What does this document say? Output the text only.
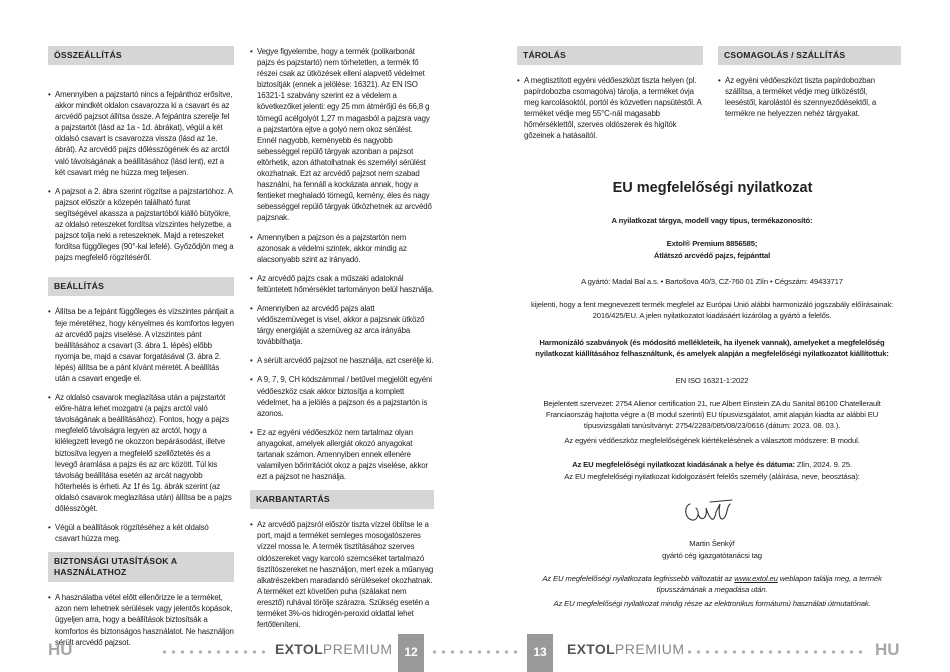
ÖSSZEÁLLÍTÁS
• Amennyiben a pajzstartó nincs a fejpánthoz erősítve, akkor mindkét oldalon csavarozza ki a csavart és az arcvédő pajzsot állítsa össze. A fejpántra szerelje fel a pajzstartót (lásd az 1a - 1d. ábrákat), végül a két oldalsó csavart is csavarozza vissza (lásd az 1e. ábrát). Az arcvédő pajzs dőlésszögének és az arctól való távolságának a beállításához (lásd lent), ezt a két csavart még ne húzza meg teljesen.
• A pajzsot a 2. ábra szerint rögzítse a pajzstartóhoz. A pajzsot először a közepén található furat segítségével akassza a pajzstartóból kiálló bütyökre, az oldalsó reteszeket fordítsa vízszintes helyzetbe, a pajzsot tolja neki a reteszeknek. Majd a reteszeket fordítsa függőleges (90°-kal lefelé). Győződjön meg a pajzs megfelelő rögzítéséről.
BEÁLLÍTÁS
• Állítsa be a fejpánt függőleges és vízszintes pántjait a feje méretéhez, hogy kényelmes és komfortos legyen az arcvédő pajzs viselése. A vízszintes pánt beállításához a csavart (3. ábra 1. lépés) előbb nyomja be, majd a csavar forgatásával (3. ábra 2. lépés) állítsa be a pánt kívánt méretét. A beállítás után a csavart engedje el.
• Az oldalsó csavarok meglazítása után a pajzstartót előre-hátra lehet mozgatni (a pajzs arctól való távolságának a beállításához). Fontos, hogy a pajzs megfelelő távolságra legyen az arctól, hogy a kilélegzett levegő ne okozzon bepárásodást, illetve biztosítva legyen a megfelelő szellőztetés és a levegő áramlása a pajzs és az arc között. Túl kis távolság beállítása esetén az arcát nagyobb hőterhelés is érheti. Az 1f és 1g. ábrák szerint (az oldalsó csavarok meglazítása után) állítsa be a pajzs dőlésszögét.
• Végül a beállítások rögzítéséhez a két oldalsó csavart húzza meg.
BIZTONSÁGI UTASÍTÁSOK A HASZNÁLATHOZ
• A használatba vétel előtt ellenőrizze le a terméket, azon nem lehetnek sérülések vagy jelentős kopások, ügyeljen arra, hogy a beállítások biztosítsák a komfortos és biztonságos használatot. Ne használjon sérült arcvédő pajzsot.
• Vegye figyelembe, hogy a termék (polikarbonát pajzs és pajzstartó) nem törhetetlen, a termék fő részei csak az ütközések ellení alapvető védelmet biztosítják (ennek a jelölése: 16321). Az EN ISO 16321-1 szabvány szerint ez a védelem a következőket jelenti: egy 25 mm átmérőjű és 66,8 g tömegű acélgolyót 1,27 m magasból a pajzsra vagy a pajzstartóra ejtve a golyó nem okoz sérülést. Ennél nagyobb, keményebb és nagyobb sebességgel repülő tárgyak azonban a pajzsot eltörhetik, azon áthatolhatnak és személyi sérülést okozhatnak. Ezt az arcvédő pajzsot nem szabad használni, ha fennáll a kockázata annak, hogy a fentieket meghaladó tömegű, kemény, éles és nagy sebességgel repülő tárgyak ütközhetnek az arcvédő pajzsnak.
• Amennyiben a pajzson és a pajzstartón nem azonosak a védelmi szintek, akkor mindig az alacsonyabb szint az irányadó.
• Az arcvédő pajzs csak a műszaki adatoknál feltüntetett hőmérséklet tartományon belül használja.
• Amennyiben az arcvédő pajzs alatt védőszemüveget is visel, akkor a pajzsnak ütköző tárgy energiáját a szemüveg az arca irányába továbbíthatja.
• A sérült arcvédő pajzsot ne használja, azt cserélje ki.
• A 9, 7, 9, CH kódszámmal / betűvel megjelölt egyéni védőeszköz csak akkor biztosítja a komplett védelmet, ha a jelölés a pajzson és a pajzstartón is azonos.
• Ez az egyéni védőeszköz nem tartalmaz olyan anyagokat, amelyek allergiát okozó anyagokat tartanak számon. Amennyiben ennek ellenére valamilyen bőrirritációt okoz a pajzs viselése, akkor ezt a pajzsot ne használja.
KARBANTARTÁS
• Az arcvédő pajzsról először tiszta vízzel öblítse le a port, majd a terméket semleges mosogatószeres vízzel mossa le. A termék tisztításához szerves oldószereket vagy karcoló szemcséket tartalmazó tisztítószereket ne használjon, mert ezek a műanyag alkatrészekben maradandó sérüléseket okozhatnak. A terméket ezt követően puha (szálakat nem eresztő) ruhával törölje szárazra. Szükség esetén a terméket 3%-os hidrogén-peroxid oldattal lehet fertőtleníteni.
HU	EXTOLPREMIUM 12
TÁROLÁS
• A megtisztított egyéni védőeszközt tiszta helyen (pl. papírdobozba csomagolva) tárolja, a terméket óvja meg karcolásoktól, portól és közvetlen napsütéstől. A terméket védje meg 55°C-nál magasabb hőmérséklettől, szerves oldószerek és higítók gőzeinek a hatásaitól.
CSOMAGOLÁS / SZÁLLÍTÁS
• Az egyéni védőeszközt tiszta papírdobozban szállítsa, a terméket védje meg ütközéstől, leeséstől, karolástól és szennyeződésektől, a termékre ne helyezzen nehéz tárgyakat.
EU megfelelőségi nyilatkozat
A nyilatkozat tárgya, modell vagy típus, termékazonosító:
Extol® Premium 8856585;
Átlátszó arcvédő pajzs, fejpánttal
A gyártó: Madal Bal a.s. • Bartošova 40/3, CZ-760 01 Zlín • Cégszám: 49433717
kijelenti, hogy a fent megnevezett termék megfelel az Európai Unió alábbi harmonizáló jogszabály előírásainak: 2016/425/EU. A jelen nyilatkozatot kiadásáért kizárólag a gyártó a felelős.
Harmonizáló szabványok (és módosító mellékleteik, ha ilyenek vannak), amelyeket a megfelelőség nyilatkozat kiállításához felhasználtunk, és amelyek alapján a megfelelőségi nyilatkozatot kiállítottuk:
EN ISO 16321-1:2022
Bejelentett szervezet: 2754 Alienor certification 21, rue Albert Einstein ZA du Sanital 86100 Chatellerault Franciaország hajtotta végre a (B modul szerinti) EU típusvizsgálatot, amit alapján kiadta az alábbi EU típusvizsgálati tanúsítványt: 2754/2283/085/08/23/0616 (dátum: 2023. 08. 03.).
Az egyéni védőeszköz megfelelőségének kiértékelésének a választott módszere: B modul.
Az EU megfelelőségi nyilatkozat kiadásának a helye és dátuma: Zlín, 2024. 9. 25.
Az EU megfelelőségi nyilatkozat kidolgozásért felelős személy (aláírása, neve, beosztása):
Martin Šenkýř
gyártó cég igazgatótanácsi tag
Az EU megfelelőségi nyilatkozata legfrissebb változatát az www.extol.eu weblapon találja meg, a termék típusszámának a megadása után.
Az EU megfelelőségi nyilatkozat mindig része az elektronikus formátumú használati útmutatónak.
13	EXTOLPREMIUM	HU
